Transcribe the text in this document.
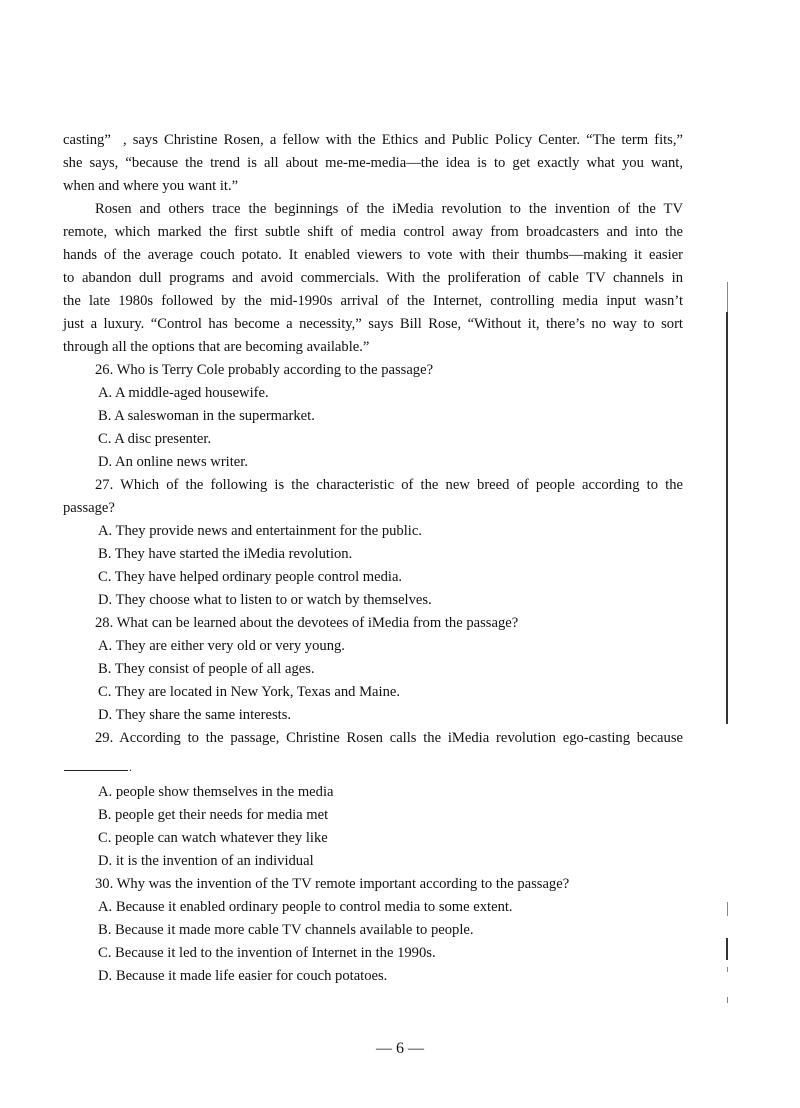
casting”  , says Christine Rosen, a fellow with the Ethics and Public Policy Center. “The term fits,”
she says, “because the trend is all about me-me-media—the idea is to get exactly what you want,
when and where you want it.”
Rosen and others trace the beginnings of the iMedia revolution to the invention of the TV
remote, which marked the first subtle shift of media control away from broadcasters and into the
hands of the average couch potato. It enabled viewers to vote with their thumbs—making it easier
to abandon dull programs and avoid commercials. With the proliferation of cable TV channels in
the late 1980s followed by the mid-1990s arrival of the Internet, controlling media input wasn’t
just a luxury. “Control has become a necessity,” says Bill Rose, “Without it, there’s no way to sort
through all the options that are becoming available.”
26. Who is Terry Cole probably according to the passage?
A. A middle-aged housewife.
B. A saleswoman in the supermarket.
C. A disc presenter.
D. An online news writer.
27. Which of the following is the characteristic of the new breed of people according to the
passage?
A. They provide news and entertainment for the public.
B. They have started the iMedia revolution.
C. They have helped ordinary people control media.
D. They choose what to listen to or watch by themselves.
28. What can be learned about the devotees of iMedia from the passage?
A. They are either very old or very young.
B. They consist of people of all ages.
C. They are located in New York, Texas and Maine.
D. They share the same interests.
29. According to the passage, Christine Rosen calls the iMedia revolution ego-casting because
.
A. people show themselves in the media
B. people get their needs for media met
C. people can watch whatever they like
D. it is the invention of an individual
30. Why was the invention of the TV remote important according to the passage?
A. Because it enabled ordinary people to control media to some extent.
B. Because it made more cable TV channels available to people.
C. Because it led to the invention of Internet in the 1990s.
D. Because it made life easier for couch potatoes.
— 6 —
